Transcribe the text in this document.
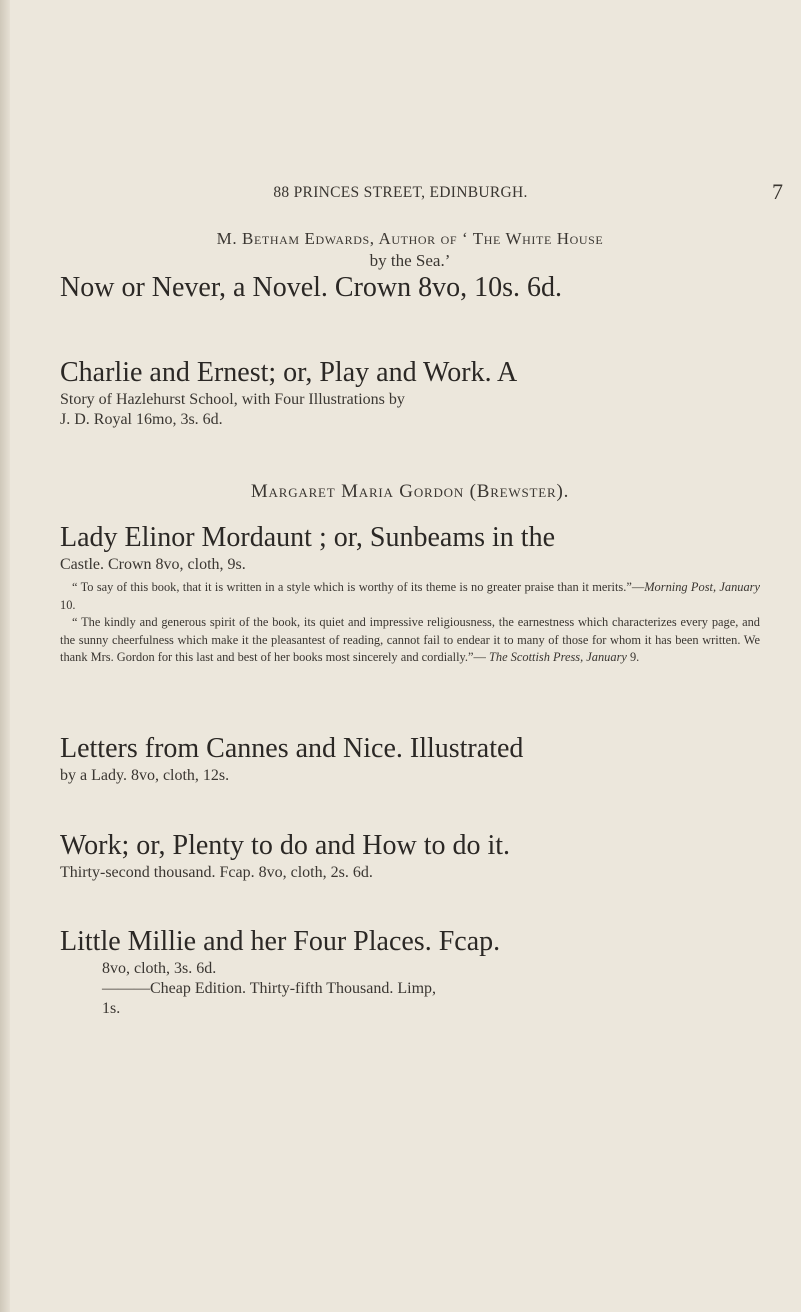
88 PRINCES STREET, EDINBURGH.	7
M. Betham Edwards, Author of ‘ The White House
by the Sea.’
Now or Never, a Novel. Crown 8vo, 10s. 6d.
Charlie and Ernest; or, Play and Work. A
Story of Hazlehurst School, with Four Illustrations by
J. D. Royal 16mo, 3s. 6d.
Margaret Maria Gordon (Brewster).
Lady Elinor Mordaunt ; or, Sunbeams in the
Castle. Crown 8vo, cloth, 9s.

“ To say of this book, that it is written in a style which is worthy of its theme is no greater praise than it merits.”—Morning Post, January 10.

“ The kindly and generous spirit of the book, its quiet and impressive religiousness, the earnestness which characterizes every page, and the sunny cheerfulness which make it the pleasantest of reading, cannot fail to endear it to many of those for whom it has been written. We thank Mrs. Gordon for this last and best of her books most sincerely and cordially.”— The Scottish Press, January 9.

Letters from Cannes and Nice. Illustrated
by a Lady. 8vo, cloth, 12s.
Work; or, Plenty to do and How to do it.
Thirty-second thousand. Fcap. 8vo, cloth, 2s. 6d.
Little Millie and her Four Places. Fcap.
8vo, cloth, 3s. 6d.
———Cheap Edition. Thirty-fifth Thousand. Limp,
1s.
